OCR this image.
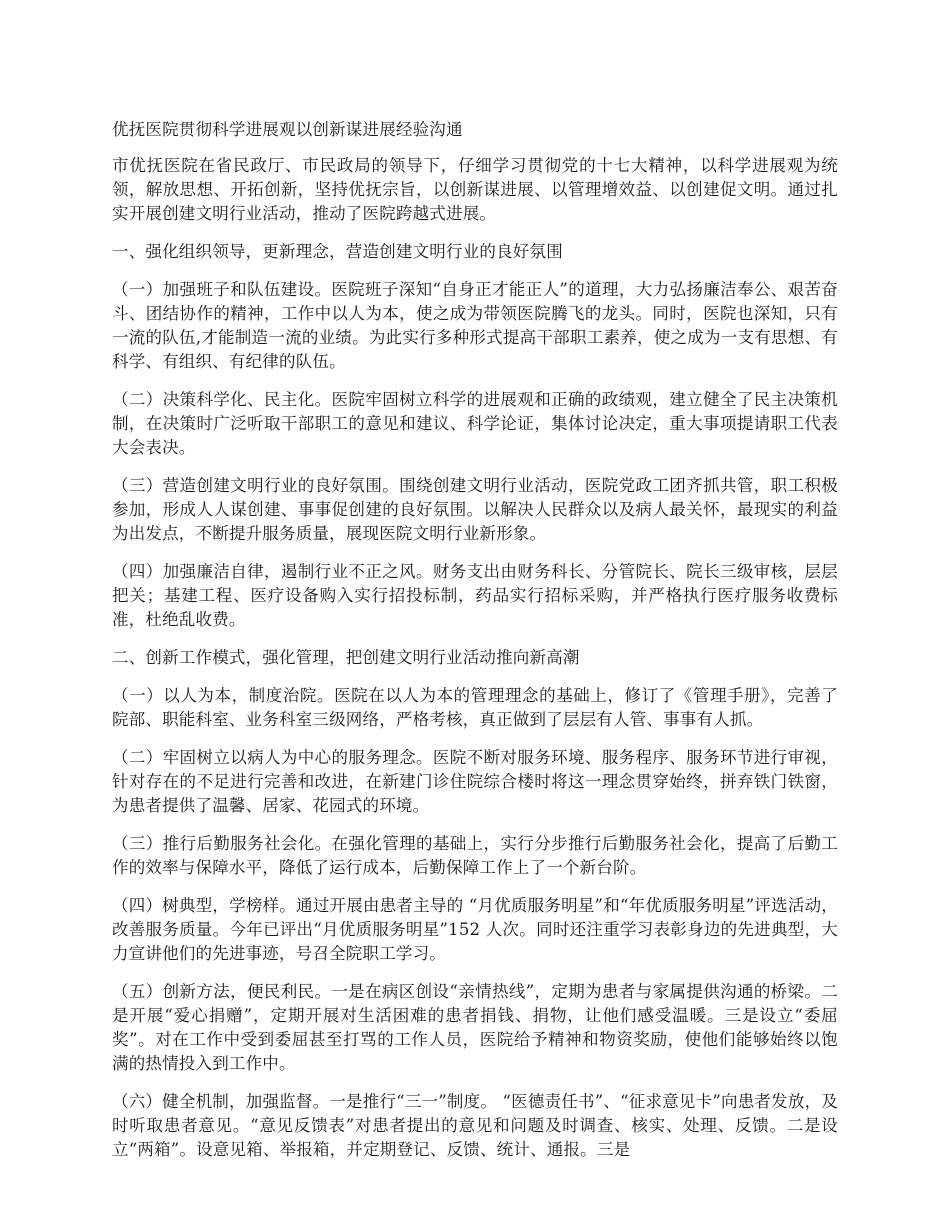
优抚医院贯彻科学进展观以创新谋进展经验沟通

市优抚医院在省民政厅、市民政局的领导下，仔细学习贯彻党的十七大精神，以科学进展观为统领，解放思想、开拓创新，坚持优抚宗旨，以创新谋进展、以管理增效益、以创建促文明。通过扎实开展创建文明行业活动，推动了医院跨越式进展。

一、强化组织领导，更新理念，营造创建文明行业的良好氛围

（一）加强班子和队伍建设。医院班子深知“自身正才能正人”的道理，大力弘扬廉洁奉公、艰苦奋斗、团结协作的精神，工作中以人为本，使之成为带领医院腾飞的龙头。同时，医院也深知，只有一流的队伍,才能制造一流的业绩。为此实行多种形式提高干部职工素养，使之成为一支有思想、有科学、有组织、有纪律的队伍。

（二）决策科学化、民主化。医院牢固树立科学的进展观和正确的政绩观，建立健全了民主决策机制，在决策时广泛听取干部职工的意见和建议、科学论证，集体讨论决定，重大事项提请职工代表大会表决。

（三）营造创建文明行业的良好氛围。围绕创建文明行业活动，医院党政工团齐抓共管，职工积极参加，形成人人谋创建、事事促创建的良好氛围。以解决人民群众以及病人最关怀，最现实的利益为出发点，不断提升服务质量，展现医院文明行业新形象。

（四）加强廉洁自律，遏制行业不正之风。财务支出由财务科长、分管院长、院长三级审核，层层把关；基建工程、医疗设备购入实行招投标制，药品实行招标采购，并严格执行医疗服务收费标准，杜绝乱收费。

二、创新工作模式，强化管理，把创建文明行业活动推向新高潮

（一）以人为本，制度治院。医院在以人为本的管理理念的基础上，修订了《管理手册》，完善了院部、职能科室、业务科室三级网络，严格考核，真正做到了层层有人管、事事有人抓。

（二）牢固树立以病人为中心的服务理念。医院不断对服务环境、服务程序、服务环节进行审视，针对存在的不足进行完善和改进，在新建门诊住院综合楼时将这一理念贯穿始终，拼弃铁门铁窗，为患者提供了温馨、居家、花园式的环境。

（三）推行后勤服务社会化。在强化管理的基础上，实行分步推行后勤服务社会化，提高了后勤工作的效率与保障水平，降低了运行成本，后勤保障工作上了一个新台阶。

（四）树典型，学榜样。通过开展由患者主导的 “月优质服务明星”和“年优质服务明星”评选活动，改善服务质量。今年已评出“月优质服务明星”152 人次。同时还注重学习表彰身边的先进典型，大力宣讲他们的先进事迹，号召全院职工学习。

（五）创新方法，便民利民。一是在病区创设“亲情热线”，定期为患者与家属提供沟通的桥梁。二是开展“爱心捐赠”，定期开展对生活困难的患者捐钱、捐物，让他们感受温暖。三是设立“委屈奖”。对在工作中受到委屈甚至打骂的工作人员，医院给予精神和物资奖励，使他们能够始终以饱满的热情投入到工作中。

（六）健全机制，加强监督。一是推行“三一”制度。 “医德责任书”、“征求意见卡”向患者发放，及时听取患者意见。“意见反馈表”对患者提出的意见和问题及时调查、核实、处理、反馈。二是设立“两箱”。设意见箱、举报箱，并定期登记、反馈、统计、通报。三是
